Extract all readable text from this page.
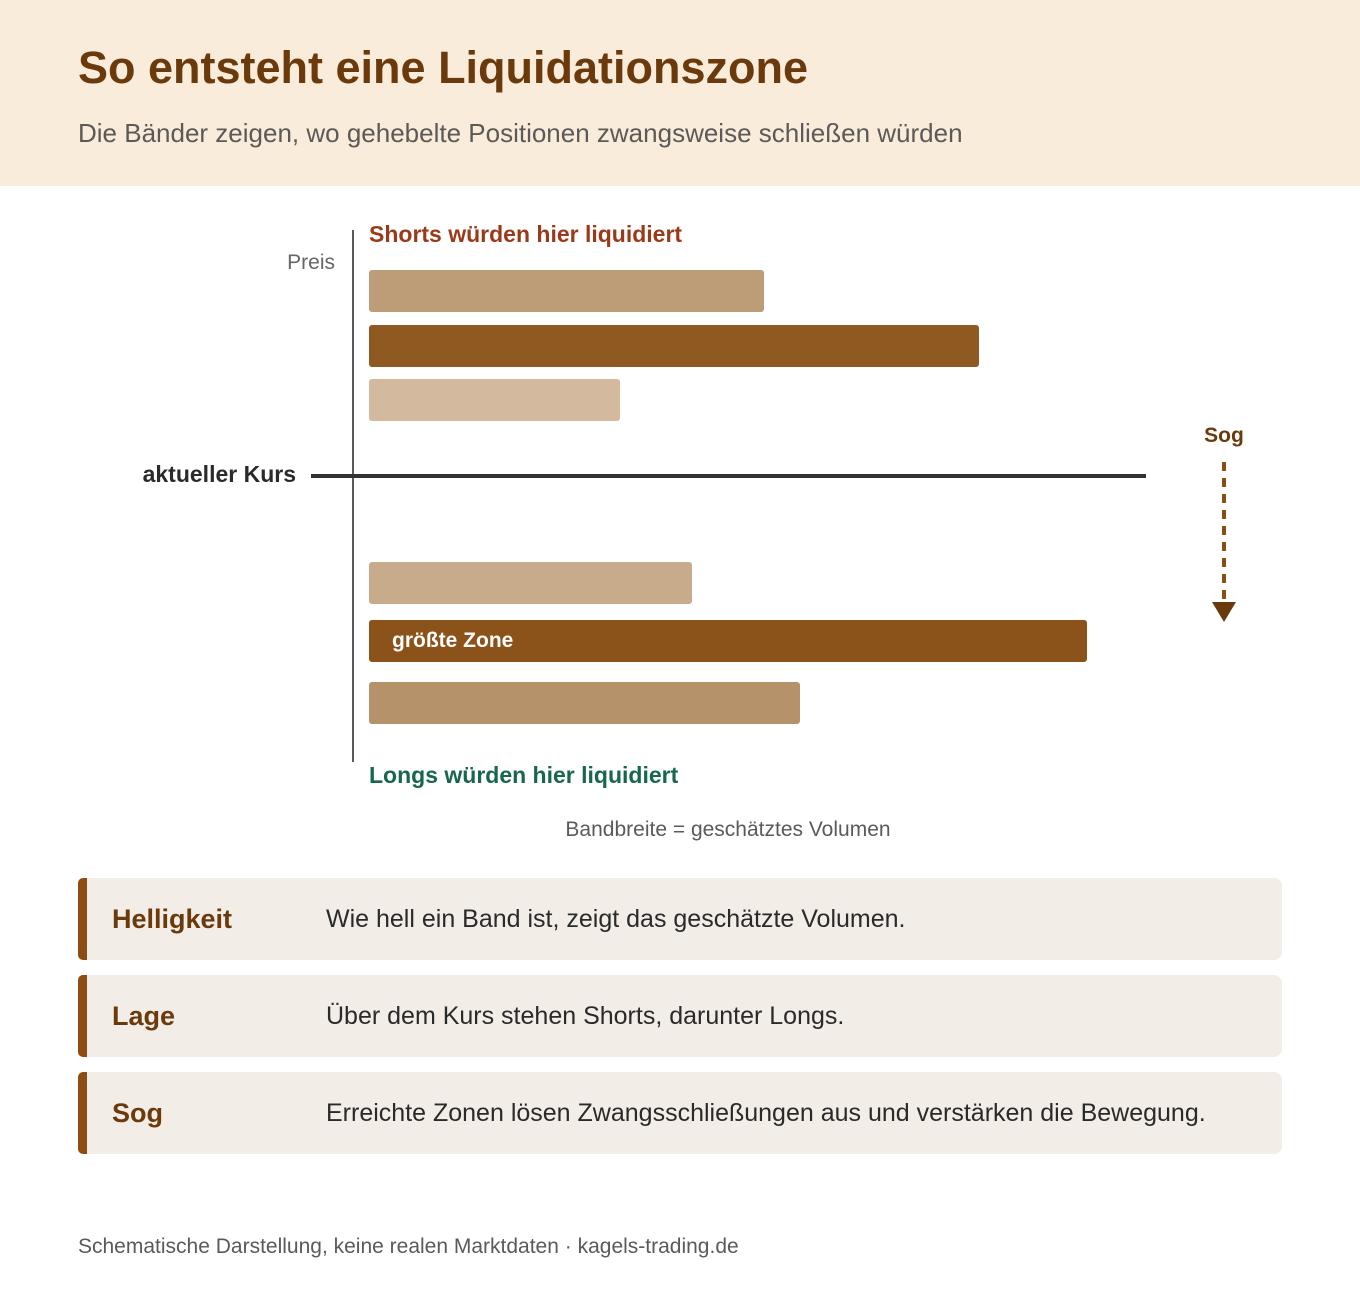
So entsteht eine Liquidationszone
Die Bänder zeigen, wo gehebelte Positionen zwangsweise schließen würden
Shorts würden hier liquidiert
Preis
aktueller Kurs
Sog
größte Zone
Longs würden hier liquidiert
Bandbreite = geschätztes Volumen
Helligkeit	Wie hell ein Band ist, zeigt das geschätzte Volumen.
Lage	Über dem Kurs stehen Shorts, darunter Longs.
Sog	Erreichte Zonen lösen Zwangsschließungen aus und verstärken die Bewegung.
Schematische Darstellung, keine realen Marktdaten · kagels-trading.de
